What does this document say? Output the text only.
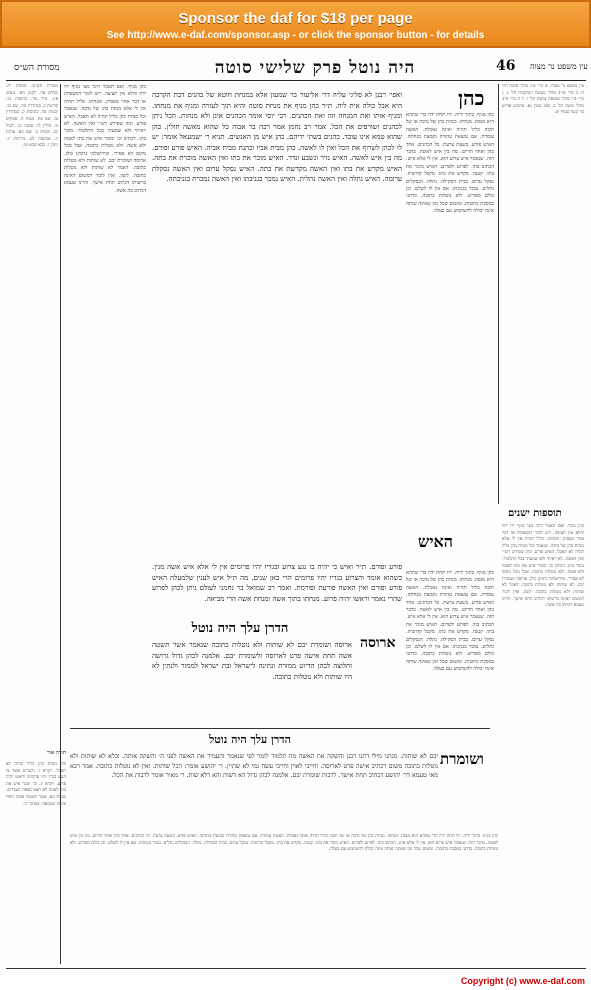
Sponsor the daf for $18 per page
See http://www.e-daf.com/sponsor.asp - or click the sponsor button - for details
מסורת הש״ס	היה נוטל פרק שלישי סוטה	46 עין משפט נר מצוה
מסורת הש״ס. מנחות יח. זבחים צה. לקמן מא. נגעים פ״ג. נזיר מד. כתובות מו. קדושין ב. סנהדרין מה. שם מו. יבמות פה. כתובות ק. סנהדרין נב. שם סח. מכות ח. פסחים מ. חולין לו. סוטה כג. לעיל כב. יבמות נו. שם כא. ערכין ה. שבועות לט. כריתות יג. גיטין ז. בבא קמא טו.
כהן מניף. ואם תאמר היכי מצי מניף ידו ידה והלא אין חציצה. ויש לומר דמטפחת או דבר אחר מפסיק. ומנחתו. כליל תהיה אין לי אלא מנחת כהן של נדבה. שנאמר וכל מנחת כהן כליל תהיה לא תאכל. האיש פורע. ומה שפירש רש״י ואין האשה. לא ראיתי ולא שמעתי בכל התלמוד. מוכר בתו. דכתיב וכי ימכור איש את בתו לאמה ולא אשה. ולא נוטלות כתובה. אבל מכל מקום לא אסירי. ובירושלמי גרסינן כולן. ארוסה ושומרת יבם. לא שותות ולא נוטלות כתובה. דאמר לא שותות ולא נוטלות כתובה. לשון. ואין לומר דמשום דאינה ברשותו דכתיב תחת אישך. והיינו טעמא דכתיב בה אשה.
כהן
ואפי׳ רבנן לא פליגי עליה דר׳ אליעזר בר שמעון אלא במנחת חוטא של כהנים דבת הקרבה היא אבל כולה אית ליה. ת״ר כהן מניף את מנחת סוטה והיא תוך לעזרה ומניף את מנחתו. ומניף אותו ואת המנחה וזה ואת הכהנים. רבי יוסי אומר הכהנים אינן ולא מנחות. הכל ניתן לכהנים ושורפים את הכל. אמר רב נחמן אמר רבה בר אבוה כל שהוא מאשה חולין. כהן שהוא טמא אינו עובד. כהנים בשתי ידיהם. כהן איש מן האנשים. תניא ר׳ ישמעאל אומר: יש לו לכהן לשרוף את הכל ואין לו לאשה. כהן מבית אביו וכהנת מבית אביה. האיש פורע ופורם. מה בין איש לאשה. האיש נזיר ונשבע ונדר. האיש מוכר את בתו ואין האשה מוכרת את בתה. האיש מקדש את בתו ואין האשה מקדשת את בתה. האיש נסקל ערום ואין האשה נסקלת ערומה. האיש נתלה ואין האשה נתלית. האיש נמכר בגניבתו ואין האשה נמכרת בגניבתה.
כהן מניף. בתוך ידיה. ידו תחת ידה כדי שתהא היא מנפת. מנחתו. מנחת כהן של נדבה או של חובה כליל תהיה ואינה נאכלת. האשה עומדת. אם נמצאת טהורה נקמצת מנחתה. האיש פורע. בשעת צרעת. כל הכהנים. אחד כהן ואחד הדיוט. מה בין איש לאשה. בדבר הזה. שנאמר איש צרוע הוא. אין לי אלא איש. הכתוב בזה. לפרוע ולפרום. האיש מוכר את בתו. קטנה. מקדש את בתו. מקבל קדושיה. נסקל ערום. בבית הסקילה. נתלה. הנסקלים נתלים. נמכר בגניבתו. אם אין לו לשלם. וכן כולם מפורש. ולא נוטלות כתובה. כדתני במסכת כתובות. ומשום שכל זמן שאינה שותה אינה יכולה להשתמש עם בעלה.
האיש
פורע ופורם. ת״ר ואיש כי יהיה בו נגע צרוע ובגדיו יהיו פרומים אין לי אלא איש אשה מנין. כשהוא אומר והצרוע בגדיו יהיו פרומים הרי כאן שנים. מה ת״ל איש לענין שלמעלה האיש פורע ופורם ואין האשה פורעת ופורמת. ואמר רב שמואל בר נחמני לעולם ניתן לכהן לפרוע שהרי נאמר וראשו יהיה פרוע. מנחתו בתוך אשה ומנחת אשה הרי מביאה.
הדרן עלך היה נוטל
ארוסה
ארוסה ושומרת יבם לא שותות ולא נוטלות כתובה שנאמר אשר תשטה אשה תחת אישה פרט לארוסה ולשומרת יבם. אלמנה לכהן גדול גרושה וחלוצה לכהן הדיוט ממזרת ונתינה לישראל ובת ישראל לממזר ולנתין לא היו שותות ולא נוטלות כתובה.
כהן מניף. בתוך ידיה. ידו תחת ידה כדי שתהא היא מנפת. מנחתו. מנחת כהן של נדבה או של חובה כליל תהיה ואינה נאכלת. האשה עומדת. אם נמצאת טהורה נקמצת מנחתה. האיש פורע. בשעת צרעת. כל הכהנים. אחד כהן ואחד הדיוט. מה בין איש לאשה. בדבר הזה. שנאמר איש צרוע הוא. אין לי אלא איש. הכתוב בזה. לפרוע ולפרום. האיש מוכר את בתו. קטנה. מקדש את בתו. מקבל קדושיה. נסקל ערום. בבית הסקילה. נתלה. הנסקלים נתלים. נמכר בגניבתו. אם אין לו לשלם. וכן כולם מפורש. ולא נוטלות כתובה. כדתני במסכת כתובות. ומשום שכל זמן שאינה שותה אינה יכולה להשתמש עם בעלה.
עין משפט נר מצוה. א מיי׳ פ״ג מהל׳ סוטה הל׳ ח. ב מיי׳ פי״ב מהל׳ מעשה הקרבנות הל׳ ג. ג מיי׳ פ״י מהל׳ טומאת צרעת הל׳ ו. ד ה מיי׳ פ״ב מהל׳ סוטה הל׳ ב. סמג עשין נא. טוש״ע אה״ע סי׳ קעח סעיף יט.
תוספות ישנים
כהן מניף. ואם תאמר היכי מצי מניף ידו ידה והלא אין חציצה. ויש לומר דמטפחת או דבר אחר מפסיק. ומנחתו. כליל תהיה אין לי אלא מנחת כהן של נדבה. שנאמר וכל מנחת כהן כליל תהיה לא תאכל. האיש פורע. ומה שפירש רש״י ואין האשה. לא ראיתי ולא שמעתי בכל התלמוד. מוכר בתו. דכתיב וכי ימכור איש את בתו לאמה ולא אשה. ולא נוטלות כתובה. אבל מכל מקום לא אסירי. ובירושלמי גרסינן כולן. ארוסה ושומרת יבם. לא שותות ולא נוטלות כתובה. דאמר לא שותות ולא נוטלות כתובה. לשון. ואין לומר דמשום דאינה ברשותו דכתיב תחת אישך. והיינו טעמא דכתיב בה אשה.
הדרן עלך היה נוטל
ושומרת
יבם לא שותות. מנהני מילי דתנו רבנן והשקה את האשה מה תלמוד לומר לפי שנאמר והעמיד את האשה לפני ה׳ והשקה אותה. ובלא לא שותות ולא נוטלות כתובה משום דכתיב אישה פרט לארוסה. וחייבי לאוין וחייבי עשה נמי לא שתיין. ר׳ יהושע אומר: הכל שותות. ואין לא נוטלות כתובה. אמר רבא מאי טעמא דר׳ יהושע דכתיב תחת אישך. לרבות שומרת יבם. אלמנה לכהן גדול הא דשות והא דלא שות. ר׳ מאיר אומר לרבות את הכל.
תורה אור
וכל מנחת כהן כליל תהיה לא תאכל. ויקרא ו. והצרוע אשר בו הנגע בגדיו יהיו פרומים וראשו יהיה פרוע. ויקרא יג. וכי ימכר איש את בתו לאמה לא תצא כצאת העבדים. שמות כא. אשר תשטה אשה תחת אישה ונטמאה. במדבר ה.
כהן מניף. בתוך ידיה. ידו תחת ידה כדי שתהא היא מנפת. מנחתו. מנחת כהן של נדבה או של חובה כליל תהיה ואינה נאכלת. האשה עומדת. אם נמצאת טהורה נקמצת מנחתה. האיש פורע. בשעת צרעת. כל הכהנים. אחד כהן ואחד הדיוט. מה בין איש לאשה. בדבר הזה. שנאמר איש צרוע הוא. אין לי אלא איש. הכתוב בזה. לפרוע ולפרום. האיש מוכר את בתו. קטנה. מקדש את בתו. מקבל קדושיה. נסקל ערום. בבית הסקילה. נתלה. הנסקלים נתלים. נמכר בגניבתו. אם אין לו לשלם. וכן כולם מפורש. ולא נוטלות כתובה. כדתני במסכת כתובות. ומשום שכל זמן שאינה שותה אינה יכולה להשתמש עם בעלה.
Copyright (c) www.e-daf.com
